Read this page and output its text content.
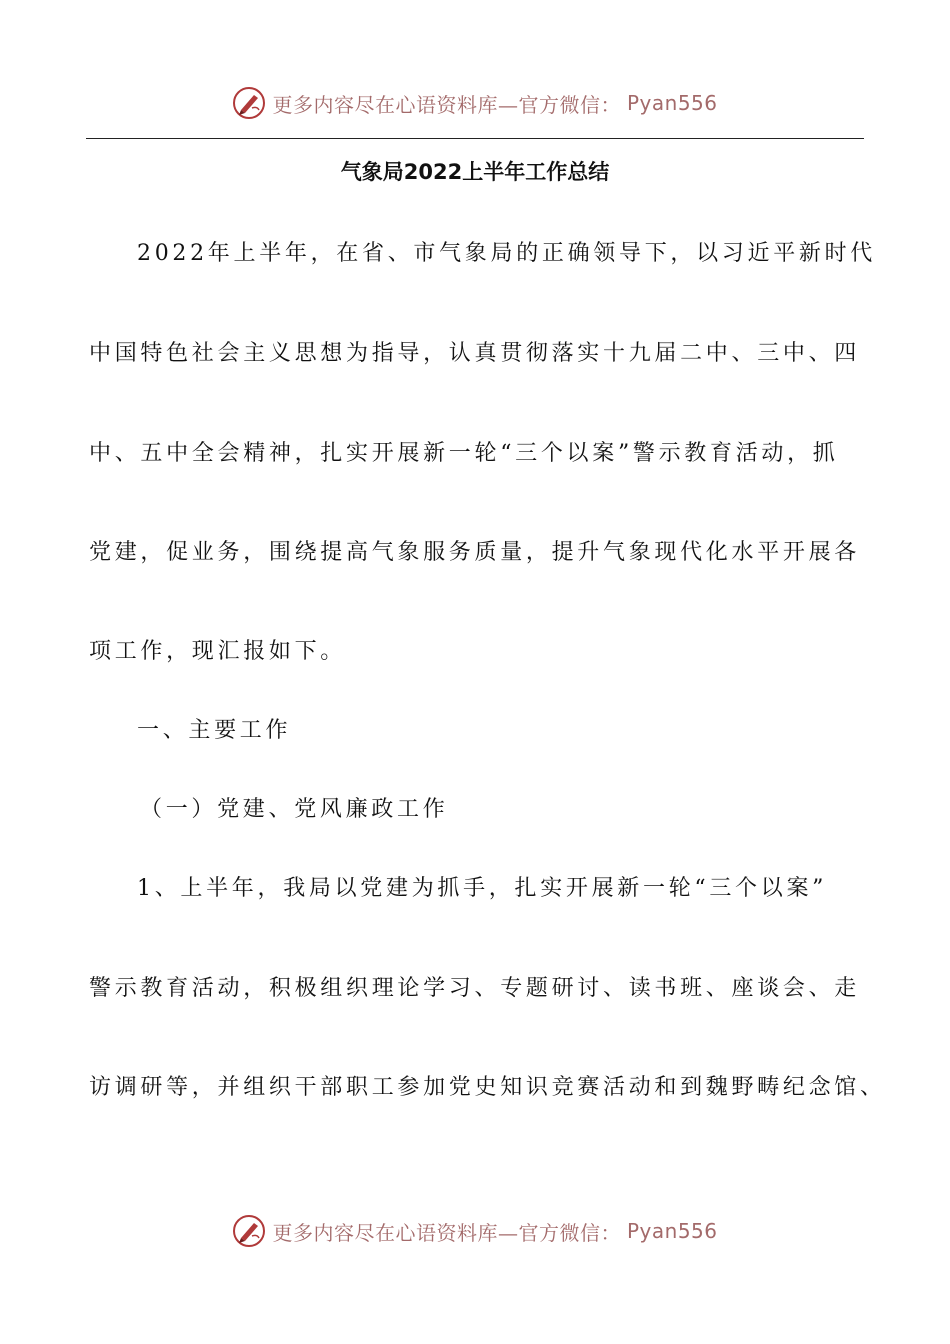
更多内容尽在心语资料库—官方微信： Pyan556
气象局2022上半年工作总结
2022年上半年，在省、市气象局的正确领导下，以习近平新时代
中国特色社会主义思想为指导，认真贯彻落实十九届二中、三中、四
中、五中全会精神，扎实开展新一轮“三个以案”警示教育活动，抓
党建，促业务，围绕提高气象服务质量，提升气象现代化水平开展各
项工作，现汇报如下。
一、主要工作
（一）党建、党风廉政工作
1、上半年，我局以党建为抓手，扎实开展新一轮“三个以案”
警示教育活动，积极组织理论学习、专题研讨、读书班、座谈会、走
访调研等，并组织干部职工参加党史知识竞赛活动和到魏野畴纪念馆、
更多内容尽在心语资料库—官方微信： Pyan556
